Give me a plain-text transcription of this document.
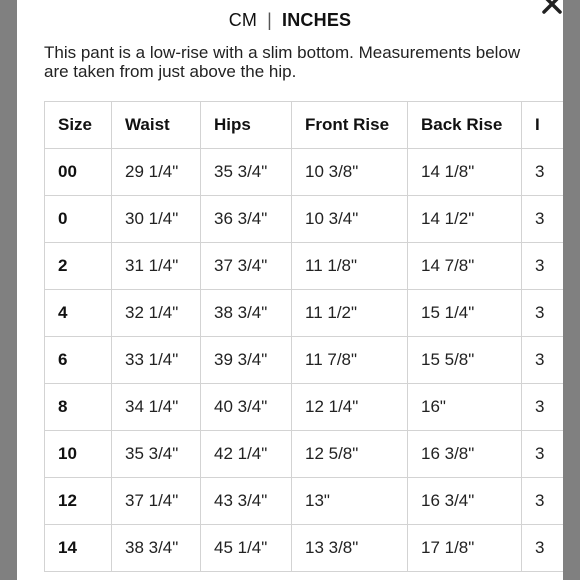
CM | INCHES
This pant is a low-rise with a slim bottom. Measurements below are taken from just above the hip.
Size	Waist	Hips	Front Rise	Back Rise	I
00	29 1/4"	35 3/4"	10 3/8"	14 1/8"	3
0	30 1/4"	36 3/4"	10 3/4"	14 1/2"	3
2	31 1/4"	37 3/4"	11 1/8"	14 7/8"	3
4	32 1/4"	38 3/4"	11 1/2"	15 1/4"	3
6	33 1/4"	39 3/4"	11 7/8"	15 5/8"	3
8	34 1/4"	40 3/4"	12 1/4"	16"	3
10	35 3/4"	42 1/4"	12 5/8"	16 3/8"	3
12	37 1/4"	43 3/4"	13"	16 3/4"	3
14	38 3/4"	45 1/4"	13 3/8"	17 1/8"	3
